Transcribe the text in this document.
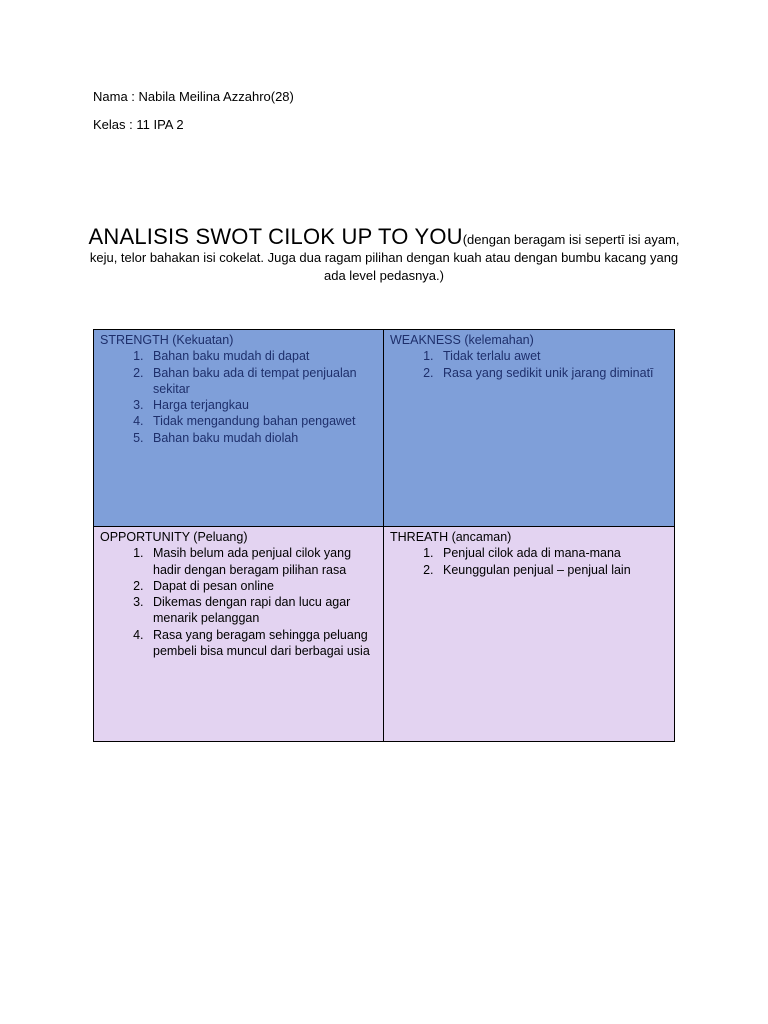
Nama : Nabila Meilina Azzahro(28)
Kelas : 11 IPA 2
ANALISIS SWOT CILOK UP TO YOU(dengan beragam isi sepertī isi ayam, keju, telor bahakan isi cokelat. Juga dua ragam pilihan dengan kuah atau dengan bumbu kacang yang ada level pedasnya.)

STRENGTH (Kekuatan)

1. Bahan baku mudah di dapat
2. Bahan baku ada di tempat penjualan sekitar
3. Harga terjangkau
4. Tidak mengandung bahan pengawet
5. Bahan baku mudah diolah

WEAKNESS (kelemahan)

1. Tidak terlalu awet
2. Rasa yang sedikit unik jarang diminatī

OPPORTUNITY (Peluang)

1. Masih belum ada penjual cilok yang hadir dengan beragam pilihan rasa
2. Dapat di pesan online
3. Dikemas dengan rapi dan lucu agar menarik pelanggan
4. Rasa yang beragam sehingga peluang pembeli bisa muncul dari berbagai usia

THREATH (ancaman)

1. Penjual cilok ada di mana-mana
2. Keunggulan penjual – penjual lain
